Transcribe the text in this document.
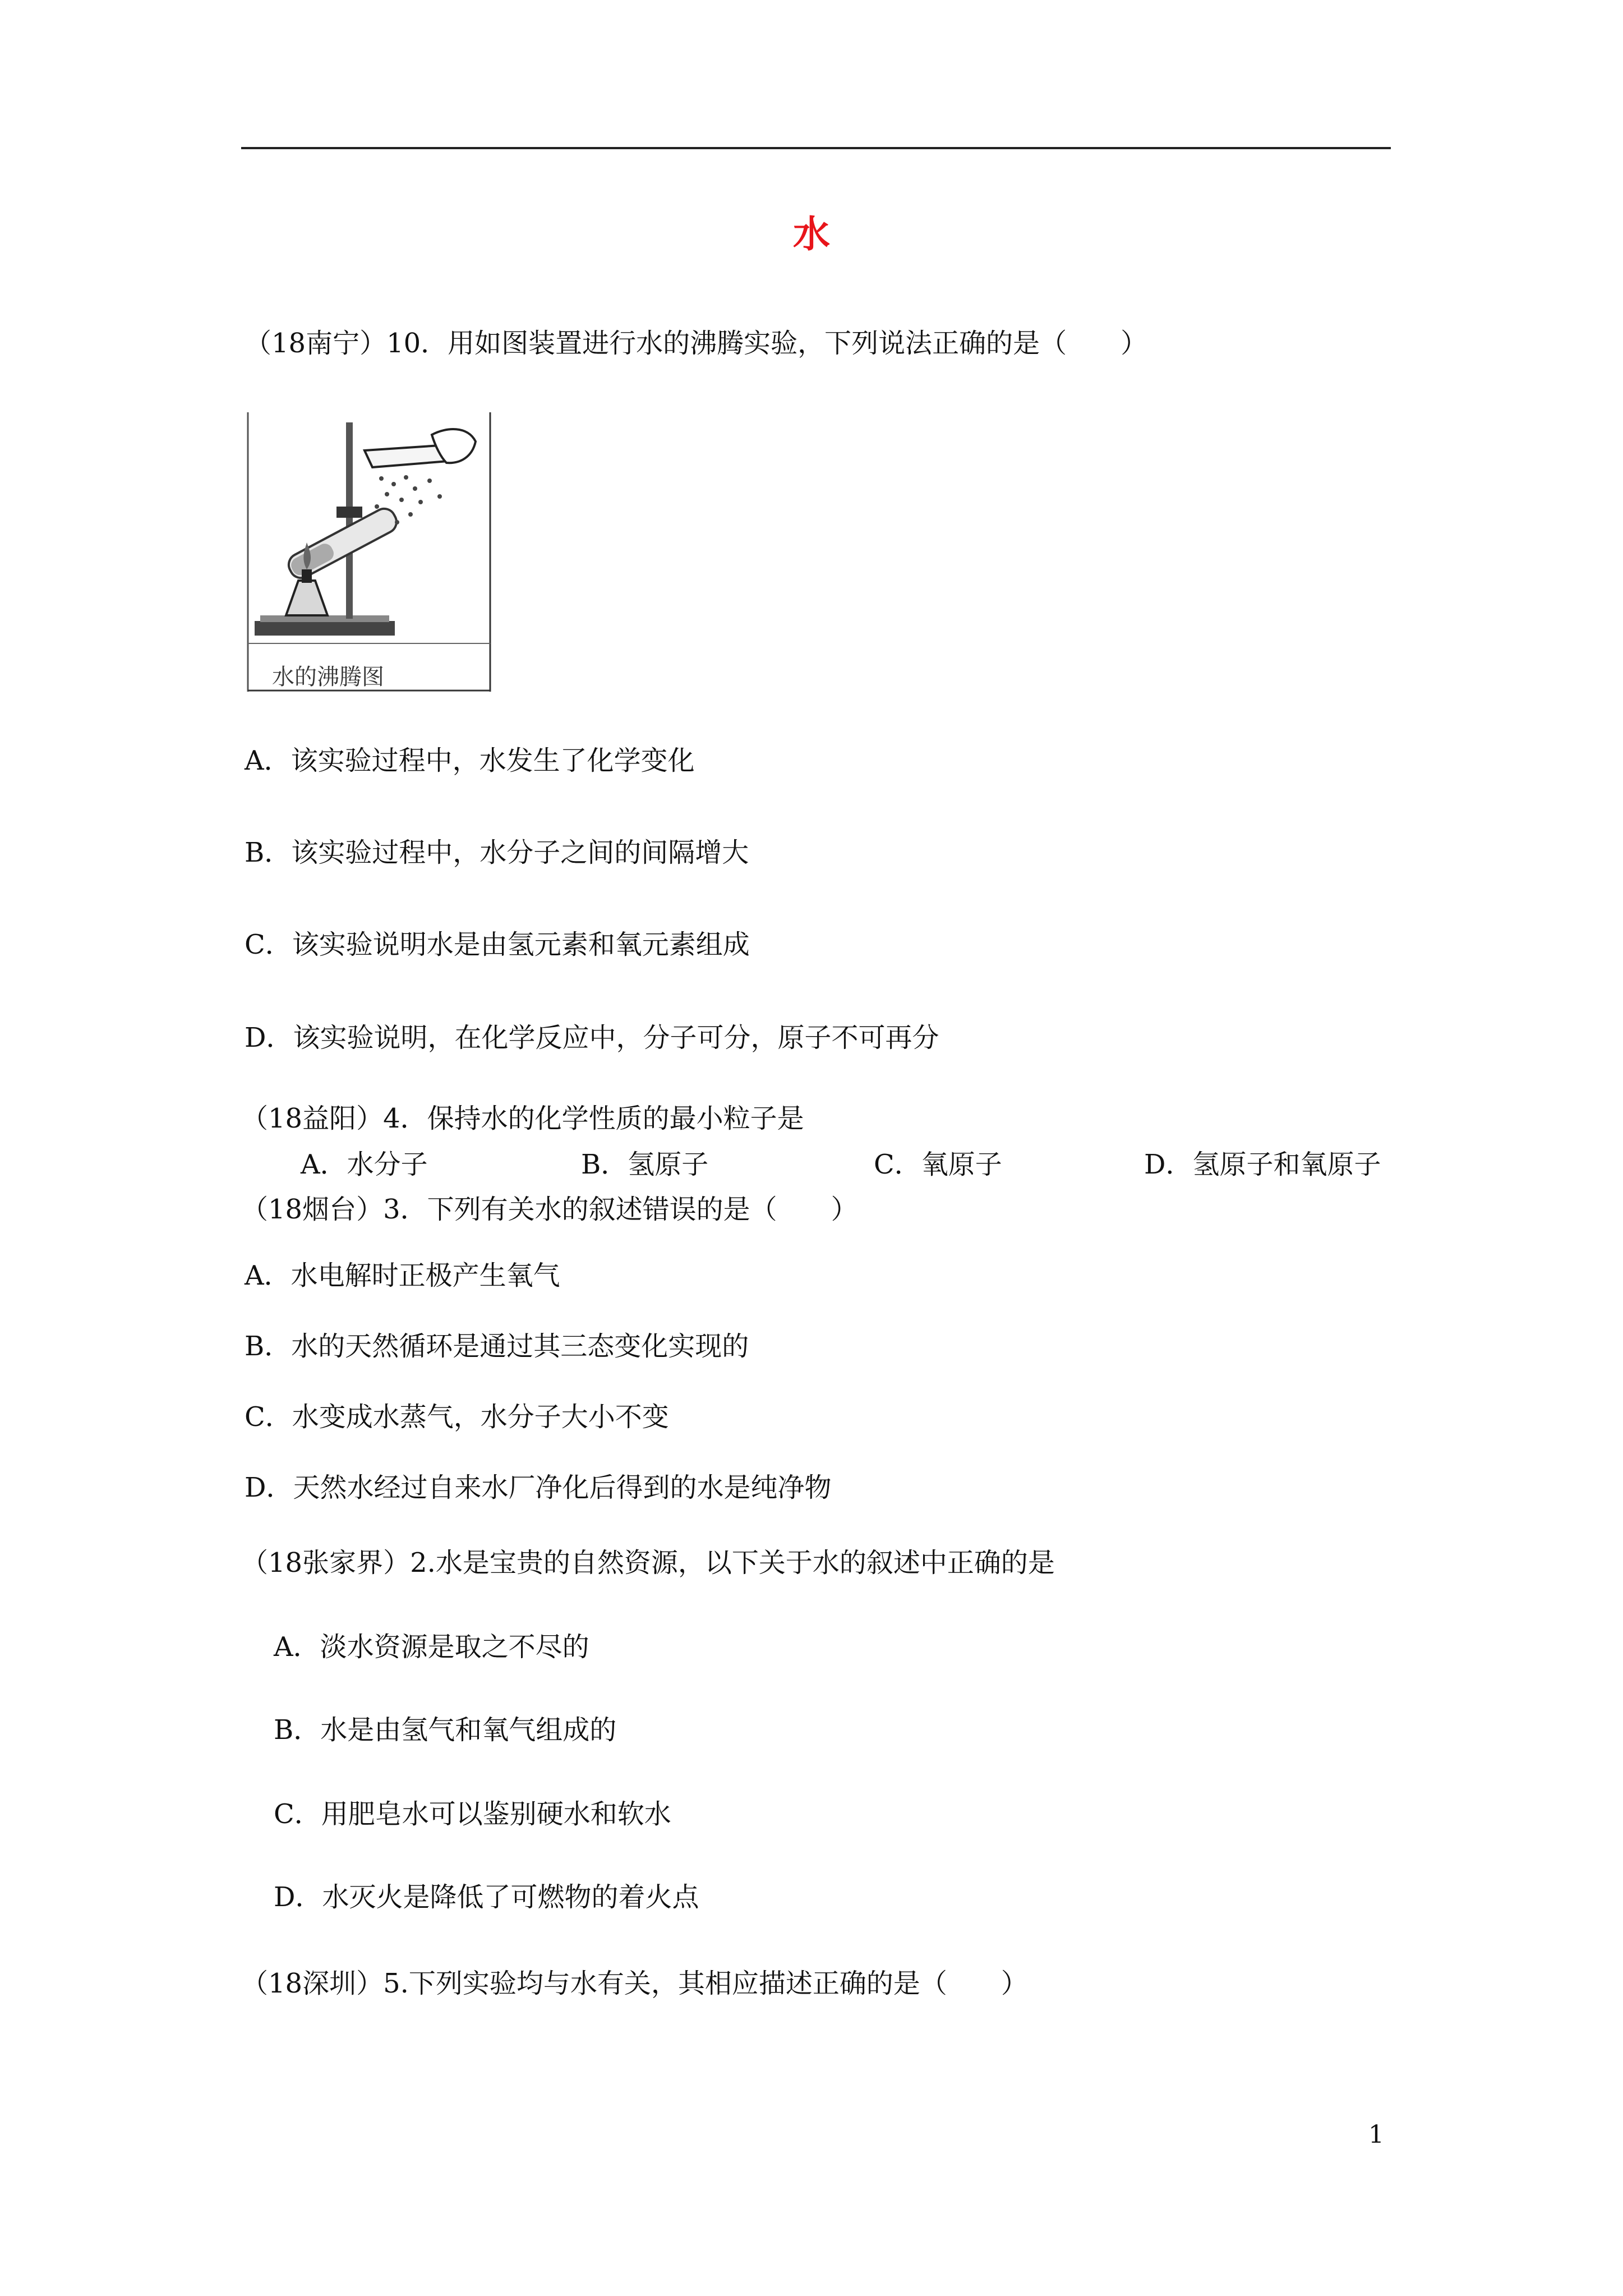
水
（18南宁）10．用如图装置进行水的沸腾实验，下列说法正确的是（　　）
水的沸腾图
A．该实验过程中，水发生了化学变化
B．该实验过程中，水分子之间的间隔增大
C．该实验说明水是由氢元素和氧元素组成
D．该实验说明，在化学反应中，分子可分，原子不可再分
（18益阳）4．保持水的化学性质的最小粒子是
A．水分子	B．氢原子	C．氧原子	D．氢原子和氧原子
（18烟台）3．下列有关水的叙述错误的是（　　）
A．水电解时正极产生氧气
B．水的天然循环是通过其三态变化实现的
C．水变成水蒸气，水分子大小不变
D．天然水经过自来水厂净化后得到的水是纯净物
（18张家界）2.水是宝贵的自然资源，以下关于水的叙述中正确的是
A．淡水资源是取之不尽的
B．水是由氢气和氧气组成的
C．用肥皂水可以鉴别硬水和软水
D．水灭火是降低了可燃物的着火点
（18深圳）5.下列实验均与水有关，其相应描述正确的是（　　）
1
